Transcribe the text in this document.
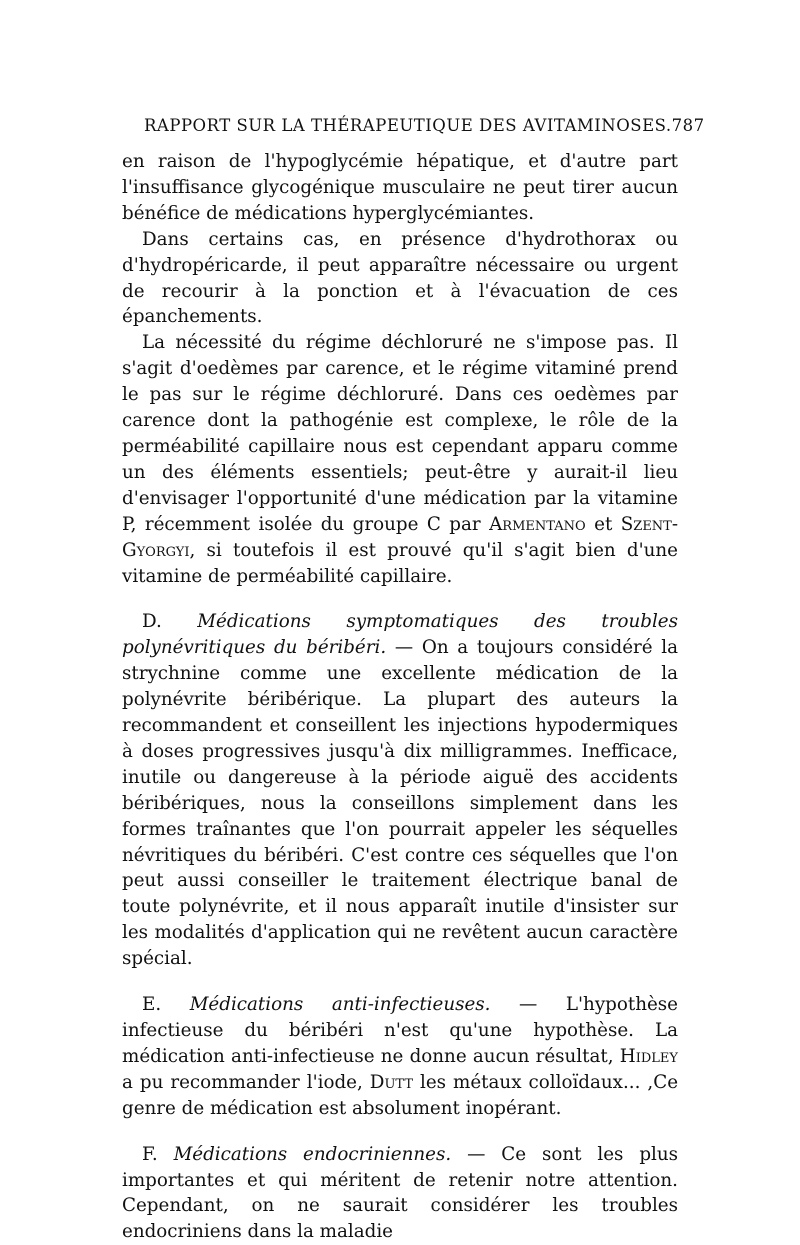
RAPPORT SUR LA THÉRAPEUTIQUE DES AVITAMINOSES. 787

en raison de l'hypoglycémie hépatique, et d'autre part l'insuffisance glycogénique musculaire ne peut tirer aucun bénéfice de médications hyperglycémiantes.

Dans certains cas, en présence d'hydrothorax ou d'hydropéricarde, il peut apparaître nécessaire ou urgent de recourir à la ponction et à l'évacuation de ces épanchements.

La nécessité du régime déchloruré ne s'impose pas. Il s'agit d'oedèmes par carence, et le régime vitaminé prend le pas sur le régime déchloruré. Dans ces oedèmes par carence dont la pathogénie est complexe, le rôle de la perméabilité capillaire nous est cependant apparu comme un des éléments essentiels; peut-être y aurait-il lieu d'envisager l'opportunité d'une médication par la vitamine P, récemment isolée du groupe C par Armentano et Szent-Gyorgyi, si toutefois il est prouvé qu'il s'agit bien d'une vitamine de perméabilité capillaire.

D. Médications symptomatiques des troubles polynévritiques du béribéri. — On a toujours considéré la strychnine comme une excellente médication de la polynévrite béribérique. La plupart des auteurs la recommandent et conseillent les injections hypodermiques à doses progressives jusqu'à dix milligrammes. Inefficace, inutile ou dangereuse à la période aiguë des accidents béribériques, nous la conseillons simplement dans les formes traînantes que l'on pourrait appeler les séquelles névritiques du béribéri. C'est contre ces séquelles que l'on peut aussi conseiller le traitement électrique banal de toute polynévrite, et il nous apparaît inutile d'insister sur les modalités d'application qui ne revêtent aucun caractère spécial.

E. Médications anti-infectieuses. — L'hypothèse infectieuse du béribéri n'est qu'une hypothèse. La médication anti-infectieuse ne donne aucun résultat, Hidley a pu recommander l'iode, Dutt les métaux colloïdaux... ,Ce genre de médication est absolument inopérant.

F. Médications endocriniennes. — Ce sont les plus importantes et qui méritent de retenir notre attention. Cependant, on ne saurait considérer les troubles endocriniens dans la maladie
